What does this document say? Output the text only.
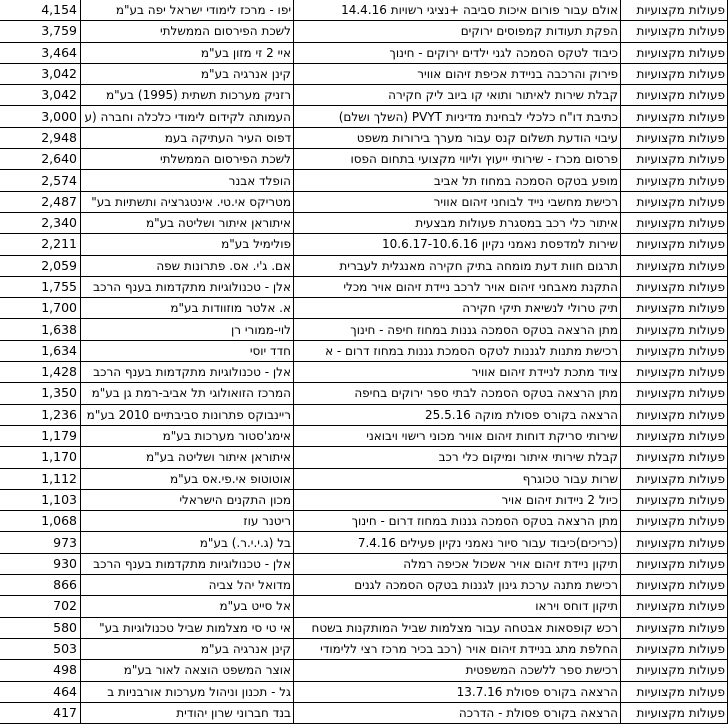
4,154	יפו - מרכז לימודי ישראל יפה בע"מ	אולם עבור פורום איכות סביבה +נציגי רשויות 14.4.16	פעולות מקצועיות
3,759	לשכת הפירסום הממשלתי	הפקת תעודות קמפוסים ירוקים	פעולות מקצועיות
3,464	איי 2 זי מזון בע"מ	כיבוד לטקס הסמכה לגני ילדים ירוקים - חינוך	פעולות מקצועיות
3,042	קינן אנרגיה בע"מ	פירוק והרכבה בניידת אכיפת זיהום אוויר	פעולות מקצועיות
3,042	רזניק מערכות תשתית (1995) בע"מ	קבלת שירות לאיתור ותואי קו ביוב ליק חקירה	פעולות מקצועיות
3,000	העמותה לקידום לימודי כלכלה וחברה (ע	כתיבת דו"ח כלכלי לבחינת מדיניות PVYT (השלך ושלם)	פעולות מקצועיות
2,948	דפוס העיר העתיקה בעמ	עיבוי הודעת תשלום קנס עבור מערך בירורות משפט	פעולות מקצועיות
2,640	לשכת הפירסום הממשלתי	פרסום מכרז - שירותי ייעוץ וליווי מקצועי בתחום הפסו	פעולות מקצועיות
2,574	הופלד אבנר	מופע בטקס הסמכה במחוז תל אביב	פעולות מקצועיות
2,487	מטריקס אי.טי. אינטגרציה ותשתיות בע"	רכישת מחשבי נייד לבוחני זיהום אוויר	פעולות מקצועיות
2,340	איתוראן איתור ושליטה בע"מ	איתור כלי רכב במסגרת פעולות מבצעית	פעולות מקצועיות
2,211	פולימיל בע"מ	שירות למדפסת נאמני נקיון 10.6.17-10.6.16	פעולות מקצועיות
2,059	אם. ג'י. אס. פתרונות שפה	תרגום חוות דעת מומחה בתיק חקירה מאנגלית לעברית	פעולות מקצועיות
1,755	אלן - טכנולוגיות מתקדמות בענף הרכב	התקנת מאבחני זיהום אויר לרכב ניידת זיהום אויר מכלי	פעולות מקצועיות
1,700	א. אלטר מוזוודות בע"מ	תיק טרולי לנשיאת תיקי חקירה	פעולות מקצועיות
1,638	לוי-ממורי רן	מתן הרצאה בטקס הסמכה גננות במחוז חיפה - חינוך	פעולות מקצועיות
1,634	חדד יוסי	רכישת מתנות לגננות לטקס הסמכת גננות במחוז דרום - א	פעולות מקצועיות
1,428	אלן - טכנולוגיות מתקדמות בענף הרכב	ציוד מתכת לניידת זיהום אוויר	פעולות מקצועיות
1,350	המרכז הזואולוגי תל אביב-רמת גן בע"מ	מתן הרצאה בטקס הסמכה לבתי ספר ירוקים בחיפה	פעולות מקצועיות
1,236	ריינבוקס פתרונות סביבתיים 2010 בע"מ	הרצאה בקורס פסולת מוקה 25.5.16	פעולות מקצועיות
1,179	אימג'סטור מערכות בע"מ	שירותי סריקת דוחות זיהום אוויר מכוני רישוי ויבואני	פעולות מקצועיות
1,170	איתוראן איתור ושליטה בע"מ	קבלת שירותי איתור ומיקום כלי רכב	פעולות מקצועיות
1,112	אוטוטופ אי.פי.אס בע"מ	שרות עבור טכוגרף	פעולות מקצועיות
1,103	מכון התקנים הישראלי	כיול 2 ניידות זיהום אויר	פעולות מקצועיות
1,068	ריטנר עוז	מתן הרצאה בטקס הסמכה גננות במחוז דרום - חינוך	פעולות מקצועיות
973	בל (ג.י.י.ר.) בע"מ	(כריכים)כיבוד עבור סיור נאמני נקיון פעילים 7.4.16	פעולות מקצועיות
930	אלן - טכנולוגיות מתקדמות בענף הרכב	תיקון ניידת זיהום אויר אשכול אכיפה רמלה	פעולות מקצועיות
866	מדואל יהל צביה	רכישת מתנה ערכת גינון לגננות בטקס הסמכה לגנים	פעולות מקצועיות
702	אל סייט בע"מ	תיקון דוחס ויראו	פעולות מקצועיות
580	אי טי סי מצלמות שביל טכנולוגיות בע"	רכש קופסאות אבטחה עבור מצלמות שביל המותקנות בשטח	פעולות מקצועיות
503	קינן אנרגיה בע"מ	החלפת מתג בניידת זיהום אויר (רכב בכיר מרכז רצי ללימודי	פעולות מקצועיות
498	אוצר המשפט הוצאה לאור בע"מ	רכישת ספר ללשכה המשפטית	פעולות מקצועיות
464	גל - תכנון וניהול מערכות אורבניות ב	הרצאה בקורס פסולת 13.7.16	פעולות מקצועיות
417	בנד חברוני שרון יהודית	הרצאה בקורס פסולת - הדרכה	פעולות מקצועיות
